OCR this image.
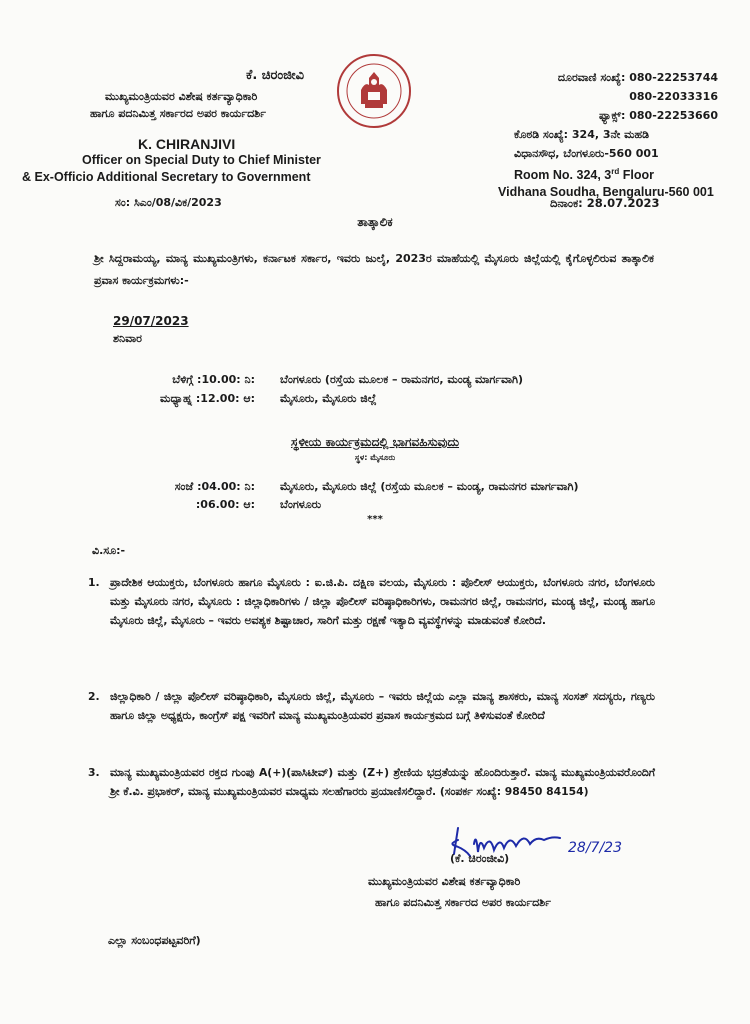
ಕೆ. ಚಿರಂಜೀವಿ
ಮುಖ್ಯಮಂತ್ರಿಯವರ ವಿಶೇಷ ಕರ್ತವ್ಯಾಧಿಕಾರಿ
ಹಾಗೂ ಪದನಿಮಿತ್ತ ಸರ್ಕಾರದ ಅಪರ ಕಾರ್ಯದರ್ಶಿ
K. CHIRANJIVI
Officer on Special Duty to Chief Minister
& Ex-Officio Additional Secretary to Government
ದೂರವಾಣಿ ಸಂಖ್ಯೆ: 080-22253744
080-22033316
ಫ್ಯಾಕ್ಸ್: 080-22253660
ಕೊಠಡಿ ಸಂಖ್ಯೆ: 324, 3ನೇ ಮಹಡಿ
ವಿಧಾನಸೌಧ, ಬೆಂಗಳೂರು-560 001
Room No. 324, 3rd Floor
Vidhana Soudha, Bengaluru-560 001
ಸಂ: ಸಿಎಂ/08/ವಿಕ/2023	ದಿನಾಂಕ: 28.07.2023
ತಾತ್ಕಾಲಿಕ
ಶ್ರೀ ಸಿದ್ದರಾಮಯ್ಯ, ಮಾನ್ಯ ಮುಖ್ಯಮಂತ್ರಿಗಳು, ಕರ್ನಾಟಕ ಸರ್ಕಾರ, ಇವರು ಜುಲೈ, 2023ರ ಮಾಹೆಯಲ್ಲಿ ಮೈಸೂರು ಜಿಲ್ಲೆಯಲ್ಲಿ ಕೈಗೊಳ್ಳಲಿರುವ ತಾತ್ಕಾಲಿಕ ಪ್ರವಾಸ ಕಾರ್ಯಕ್ರಮಗಳು:-
29/07/2023
ಶನಿವಾರ
ಬೆಳಿಗ್ಗೆ :10.00: ನಿ: ಬೆಂಗಳೂರು (ರಸ್ತೆಯ ಮೂಲಕ – ರಾಮನಗರ, ಮಂಡ್ಯ ಮಾರ್ಗವಾಗಿ)
ಮಧ್ಯಾಹ್ನ :12.00: ಆ: ಮೈಸೂರು, ಮೈಸೂರು ಜಿಲ್ಲೆ
ಸ್ಥಳೀಯ ಕಾರ್ಯಕ್ರಮದಲ್ಲಿ ಭಾಗವಹಿಸುವುದು
ಸ್ಥಳ: ಮೈಸೂರು
ಸಂಜೆ :04.00: ನಿ: ಮೈಸೂರು, ಮೈಸೂರು ಜಿಲ್ಲೆ (ರಸ್ತೆಯ ಮೂಲಕ – ಮಂಡ್ಯ, ರಾಮನಗರ ಮಾರ್ಗವಾಗಿ)
:06.00: ಆ: ಬೆಂಗಳೂರು
***
ವಿ.ಸೂ:-
1. ಪ್ರಾದೇಶಿಕ ಆಯುಕ್ತರು, ಬೆಂಗಳೂರು ಹಾಗೂ ಮೈಸೂರು : ಐ.ಜಿ.ಪಿ. ದಕ್ಷಿಣ ವಲಯ, ಮೈಸೂರು : ಪೊಲೀಸ್ ಆಯುಕ್ತರು, ಬೆಂಗಳೂರು ನಗರ, ಬೆಂಗಳೂರು ಮತ್ತು ಮೈಸೂರು ನಗರ, ಮೈಸೂರು : ಜಿಲ್ಲಾಧಿಕಾರಿಗಳು / ಜಿಲ್ಲಾ ಪೊಲೀಸ್ ವರಿಷ್ಠಾಧಿಕಾರಿಗಳು, ರಾಮನಗರ ಜಿಲ್ಲೆ, ರಾಮನಗರ, ಮಂಡ್ಯ ಜಿಲ್ಲೆ, ಮಂಡ್ಯ ಹಾಗೂ ಮೈಸೂರು ಜಿಲ್ಲೆ, ಮೈಸೂರು – ಇವರು ಅವಶ್ಯಕ ಶಿಷ್ಟಾಚಾರ, ಸಾರಿಗೆ ಮತ್ತು ರಕ್ಷಣೆ ಇತ್ಯಾದಿ ವ್ಯವಸ್ಥೆಗಳನ್ನು ಮಾಡುವಂತೆ ಕೋರಿದೆ.
2. ಜಿಲ್ಲಾಧಿಕಾರಿ / ಜಿಲ್ಲಾ ಪೊಲೀಸ್ ವರಿಷ್ಠಾಧಿಕಾರಿ, ಮೈಸೂರು ಜಿಲ್ಲೆ, ಮೈಸೂರು – ಇವರು ಜಿಲ್ಲೆಯ ಎಲ್ಲಾ ಮಾನ್ಯ ಶಾಸಕರು, ಮಾನ್ಯ ಸಂಸತ್ ಸದಸ್ಯರು, ಗಣ್ಯರು ಹಾಗೂ ಜಿಲ್ಲಾ ಅಧ್ಯಕ್ಷರು, ಕಾಂಗ್ರೆಸ್ ಪಕ್ಷ ಇವರಿಗೆ ಮಾನ್ಯ ಮುಖ್ಯಮಂತ್ರಿಯವರ ಪ್ರವಾಸ ಕಾರ್ಯಕ್ರಮದ ಬಗ್ಗೆ ತಿಳಿಸುವಂತೆ ಕೋರಿದೆ
3. ಮಾನ್ಯ ಮುಖ್ಯಮಂತ್ರಿಯವರ ರಕ್ತದ ಗುಂಪು A(+)(ಪಾಸಿಟೀವ್) ಮತ್ತು (Z+) ಶ್ರೇಣಿಯ ಭದ್ರತೆಯನ್ನು ಹೊಂದಿರುತ್ತಾರೆ. ಮಾನ್ಯ ಮುಖ್ಯಮಂತ್ರಿಯವರೊಂದಿಗೆ ಶ್ರೀ ಕೆ.ವಿ. ಪ್ರಭಾಕರ್, ಮಾನ್ಯ ಮುಖ್ಯಮಂತ್ರಿಯವರ ಮಾಧ್ಯಮ ಸಲಹೆಗಾರರು ಪ್ರಯಾಣಿಸಲಿದ್ದಾರೆ. (ಸಂಪರ್ಕ ಸಂಖ್ಯೆ: 98450 84154)
28/7/23
(ಕೆ. ಚಿರಂಜೀವಿ)
ಮುಖ್ಯಮಂತ್ರಿಯವರ ವಿಶೇಷ ಕರ್ತವ್ಯಾಧಿಕಾರಿ
ಹಾಗೂ ಪದನಿಮಿತ್ತ ಸರ್ಕಾರದ ಅಪರ ಕಾರ್ಯದರ್ಶಿ
ಎಲ್ಲಾ ಸಂಬಂಧಪಟ್ಟವರಿಗೆ)
